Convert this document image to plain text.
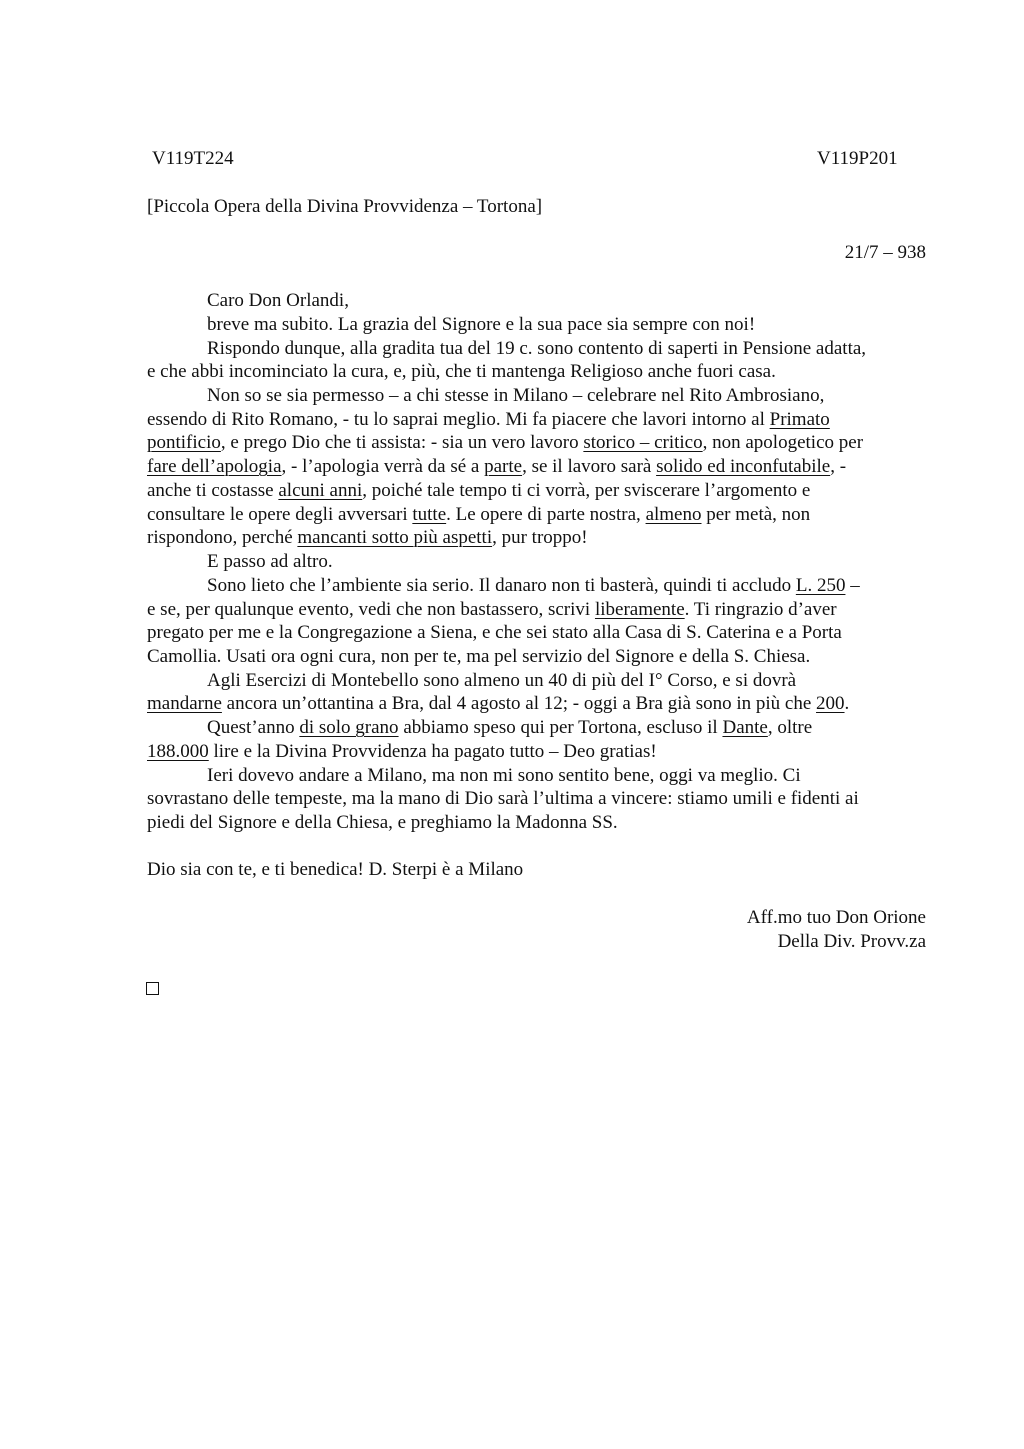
V119T224	V119P201
[Piccola Opera della Divina Provvidenza – Tortona]
21/7 – 938
Caro Don Orlandi,
breve ma subito. La grazia del Signore e la sua pace sia sempre con noi!
Rispondo dunque, alla gradita tua del 19 c. sono contento di saperti in Pensione adatta,
e che abbi incominciato la cura, e, più, che ti mantenga Religioso anche fuori casa.
Non so se sia permesso – a chi stesse in Milano – celebrare nel Rito Ambrosiano,
essendo di Rito Romano, - tu lo saprai meglio. Mi fa piacere che lavori intorno al Primato
pontificio, e prego Dio che ti assista: - sia un vero lavoro storico – critico, non apologetico per
fare dell’apologia, - l’apologia verrà da sé a parte, se il lavoro sarà solido ed inconfutabile, -
anche ti costasse alcuni anni, poiché tale tempo ti ci vorrà, per sviscerare l’argomento e
consultare le opere degli avversari tutte. Le opere di parte nostra, almeno per metà, non
rispondono, perché mancanti sotto più aspetti, pur troppo!
E passo ad altro.
Sono lieto che l’ambiente sia serio. Il danaro non ti basterà, quindi ti accludo L. 250 –
e se, per qualunque evento, vedi che non bastassero, scrivi liberamente. Ti ringrazio d’aver
pregato per me e la Congregazione a Siena, e che sei stato alla Casa di S. Caterina e a Porta
Camollia. Usati ora ogni cura, non per te, ma pel servizio del Signore e della S. Chiesa.
Agli Esercizi di Montebello sono almeno un 40 di più del I° Corso, e si dovrà
mandarne ancora un’ottantina a Bra, dal 4 agosto al 12; - oggi a Bra già sono in più che 200.
Quest’anno di solo grano abbiamo speso qui per Tortona, escluso il Dante, oltre
188.000 lire e la Divina Provvidenza ha pagato tutto – Deo gratias!
Ieri dovevo andare a Milano, ma non mi sono sentito bene, oggi va meglio. Ci
sovrastano delle tempeste, ma la mano di Dio sarà l’ultima a vincere: stiamo umili e fidenti ai
piedi del Signore e della Chiesa, e preghiamo la Madonna SS.
Dio sia con te, e ti benedica! D. Sterpi è a Milano
Aff.mo tuo Don Orione
Della Div. Provv.za
